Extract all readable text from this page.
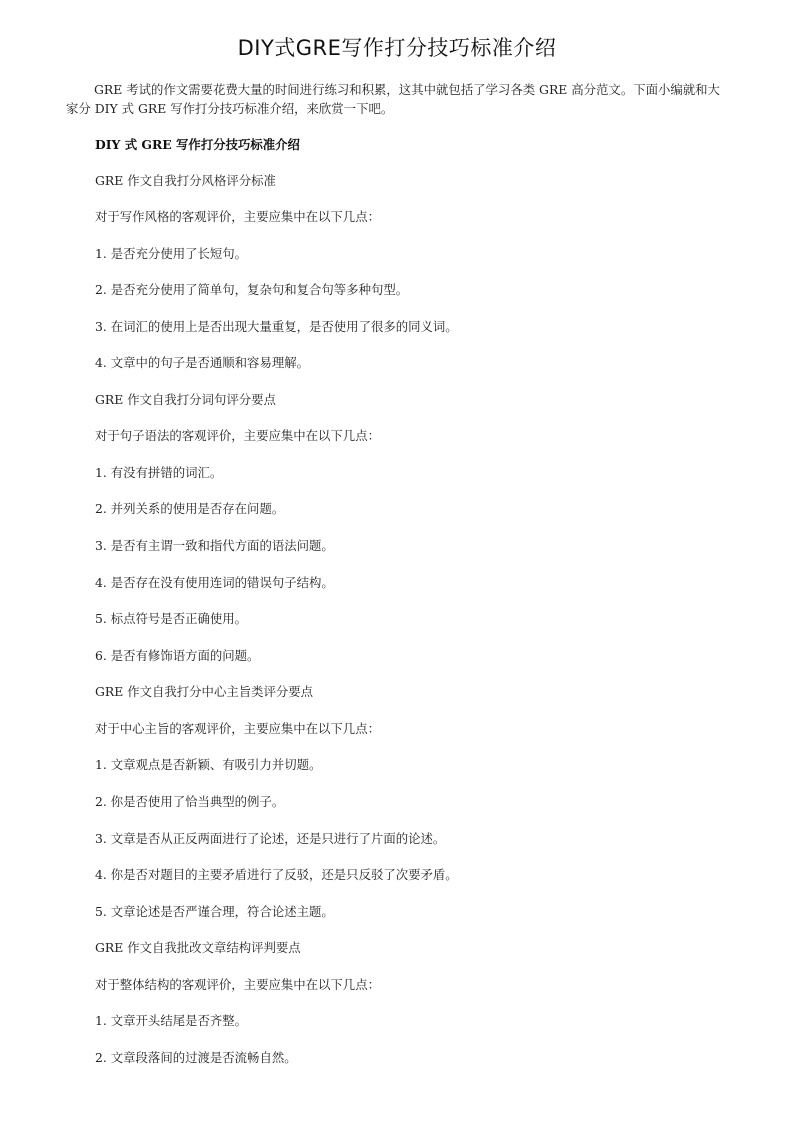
DIY式GRE写作打分技巧标准介绍

GRE 考试的作文需要花费大量的时间进行练习和积累，这其中就包括了学习各类 GRE 高分范文。下面小编就和大家分 DIY 式 GRE 写作打分技巧标准介绍，来欣赏一下吧。

DIY 式 GRE 写作打分技巧标准介绍

GRE 作文自我打分风格评分标准

对于写作风格的客观评价，主要应集中在以下几点：

1. 是否充分使用了长短句。

2. 是否充分使用了简单句，复杂句和复合句等多种句型。

3. 在词汇的使用上是否出现大量重复，是否使用了很多的同义词。

4. 文章中的句子是否通顺和容易理解。

GRE 作文自我打分词句评分要点

对于句子语法的客观评价，主要应集中在以下几点：

1. 有没有拼错的词汇。

2. 并列关系的使用是否存在问题。

3. 是否有主谓一致和指代方面的语法问题。

4. 是否存在没有使用连词的错误句子结构。

5. 标点符号是否正确使用。

6. 是否有修饰语方面的问题。

GRE 作文自我打分中心主旨类评分要点

对于中心主旨的客观评价，主要应集中在以下几点：

1. 文章观点是否新颖、有吸引力并切题。

2. 你是否使用了恰当典型的例子。

3. 文章是否从正反两面进行了论述，还是只进行了片面的论述。

4. 你是否对题目的主要矛盾进行了反驳，还是只反驳了次要矛盾。

5. 文章论述是否严谨合理，符合论述主题。

GRE 作文自我批改文章结构评判要点

对于整体结构的客观评价，主要应集中在以下几点：

1. 文章开头结尾是否齐整。

2. 文章段落间的过渡是否流畅自然。
